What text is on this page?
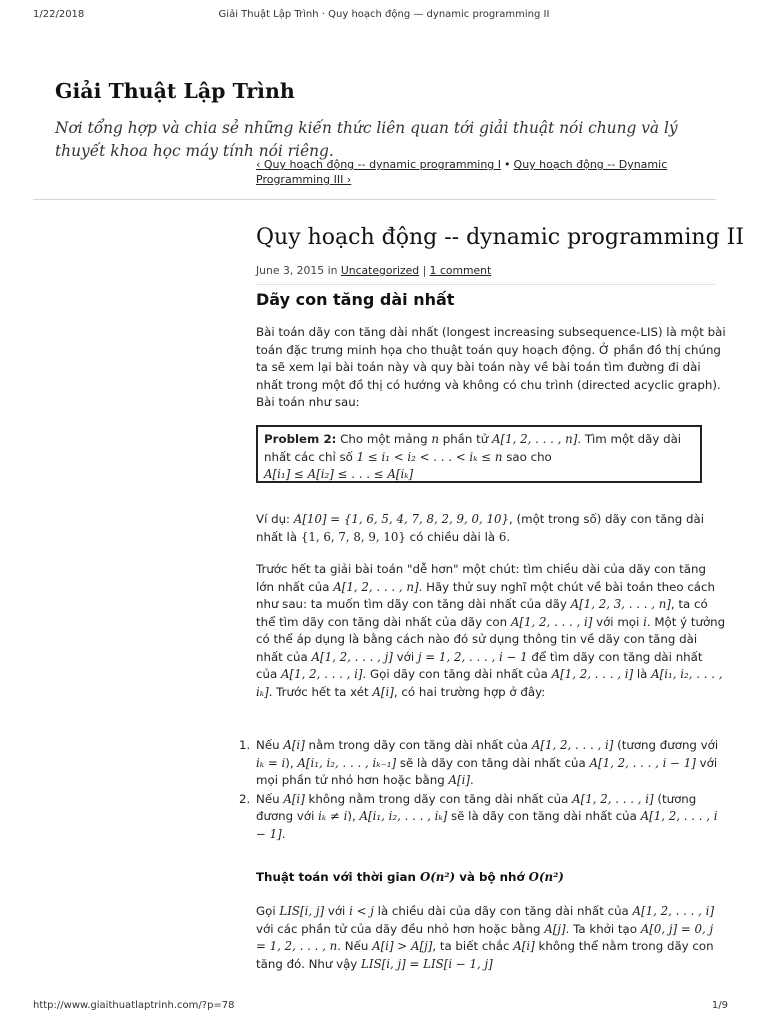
1/22/2018	Giải Thuật Lập Trình · Quy hoạch động — dynamic programming II
Giải Thuật Lập Trình
Nơi tổng hợp và chia sẻ những kiến thức liên quan tới giải thuật nói chung và lý thuyết khoa học máy tính nói riêng.
‹ Quy hoạch động -- dynamic programming I • Quy hoạch động -- Dynamic Programming III ›
Quy hoạch động -- dynamic programming II
June 3, 2015 in Uncategorized | 1 comment
Dãy con tăng dài nhất
Bài toán dãy con tăng dài nhất (longest increasing subsequence-LIS) là một bài toán đặc trưng minh họa cho thuật toán quy hoạch động. Ở phần đồ thị chúng ta sẽ xem lại bài toán này và quy bài toán này về bài toán tìm đường đi dài nhất trong một đồ thị có hướng và không có chu trình (directed acyclic graph). Bài toán như sau:
Problem 2: Cho một mảng n phần tử A[1, 2, . . . , n]. Tìm một dãy dài nhất các chỉ số 1 ≤ i₁ < i₂ < . . . < iₖ ≤ n sao cho
A[i₁] ≤ A[i₂] ≤ . . . ≤ A[iₖ]
Ví dụ: A[10] = {1, 6, 5, 4, 7, 8, 2, 9, 0, 10}, (một trong số) dãy con tăng dài nhất là {1, 6, 7, 8, 9, 10} có chiều dài là 6.
Trước hết ta giải bài toán "dễ hơn" một chút: tìm chiều dài của dãy con tăng lớn nhất của A[1, 2, . . . , n]. Hãy thử suy nghĩ một chút về bài toán theo cách như sau: ta muốn tìm dãy con tăng dài nhất của dãy A[1, 2, 3, . . . , n], ta có thể tìm dãy con tăng dài nhất của dãy con A[1, 2, . . . , i] với mọi i. Một ý tưởng có thể áp dụng là bằng cách nào đó sử dụng thông tin về dãy con tăng dài nhất của A[1, 2, . . . , j] với j = 1, 2, . . . , i − 1 để tìm dãy con tăng dài nhất của A[1, 2, . . . , i]. Gọi dãy con tăng dài nhất của A[1, 2, . . . , i] là A[i₁, i₂, . . . , iₖ]. Trước hết ta xét A[i], có hai trường hợp ở đây:
1. Nếu A[i] nằm trong dãy con tăng dài nhất của A[1, 2, . . . , i] (tương đương với iₖ = i), A[i₁, i₂, . . . , iₖ₋₁] sẽ là dãy con tăng dài nhất của A[1, 2, . . . , i − 1] với mọi phần tử nhỏ hơn hoặc bằng A[i].
2. Nếu A[i] không nằm trong dãy con tăng dài nhất của A[1, 2, . . . , i] (tương đương với iₖ ≠ i), A[i₁, i₂, . . . , iₖ] sẽ là dãy con tăng dài nhất của A[1, 2, . . . , i − 1].
Thuật toán với thời gian O(n²) và bộ nhớ O(n²)
Gọi LIS[i, j] với i < j là chiều dài của dãy con tăng dài nhất của A[1, 2, . . . , i] với các phần tử của dãy đều nhỏ hơn hoặc bằng A[j]. Ta khởi tạo A[0, j] = 0, j = 1, 2, . . . , n. Nếu A[i] > A[j], ta biết chắc A[i] không thể nằm trong dãy con tăng đó. Như vậy LIS[i, j] = LIS[i − 1, j]
http://www.giaithuatlaptrinh.com/?p=78	1/9
